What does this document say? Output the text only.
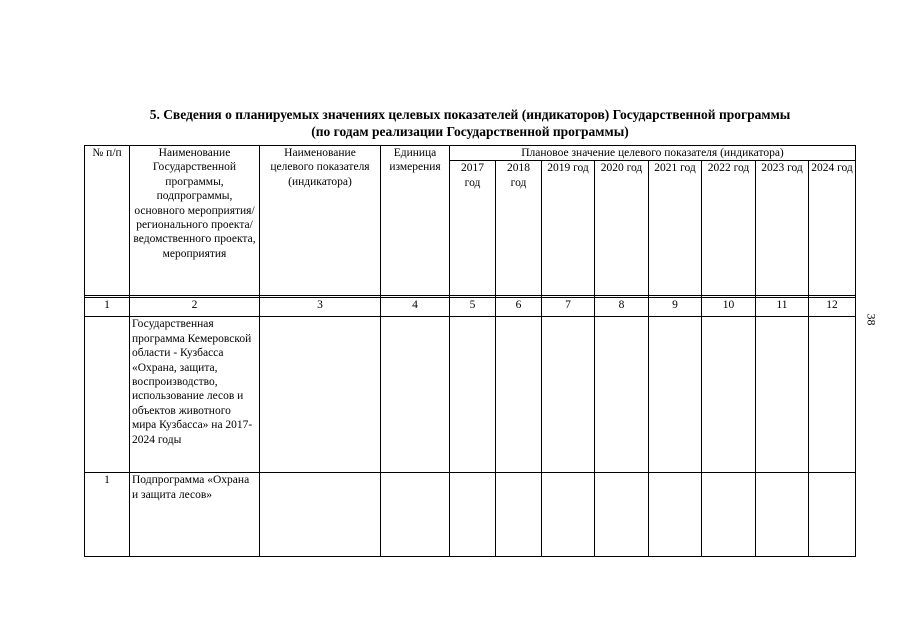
5. Сведения о планируемых значениях целевых показателей (индикаторов) Государственной программы (по годам реализации Государственной программы)
38
№ п/п	Наименование Государственной программы, подпрограммы, основного мероприятия/ регионального проекта/ ведомственного проекта, мероприятия	Наименование целевого показателя (индикатора)	Единица измерения	Плановое значение целевого показателя (индикатора)							
				2017 год	2018 год	2019 год	2020 год	2021 год	2022 год	2023 год	2024 год

1	2	3	4	5	6	7	8	9	10	11	12
	Государственная программа Кемеровской области - Кузбасса «Охрана, защита, воспроизводство, использование лесов и объектов животного мира Кузбасса» на 2017-2024 годы										
1	Подпрограмма «Охрана и защита лесов»										
